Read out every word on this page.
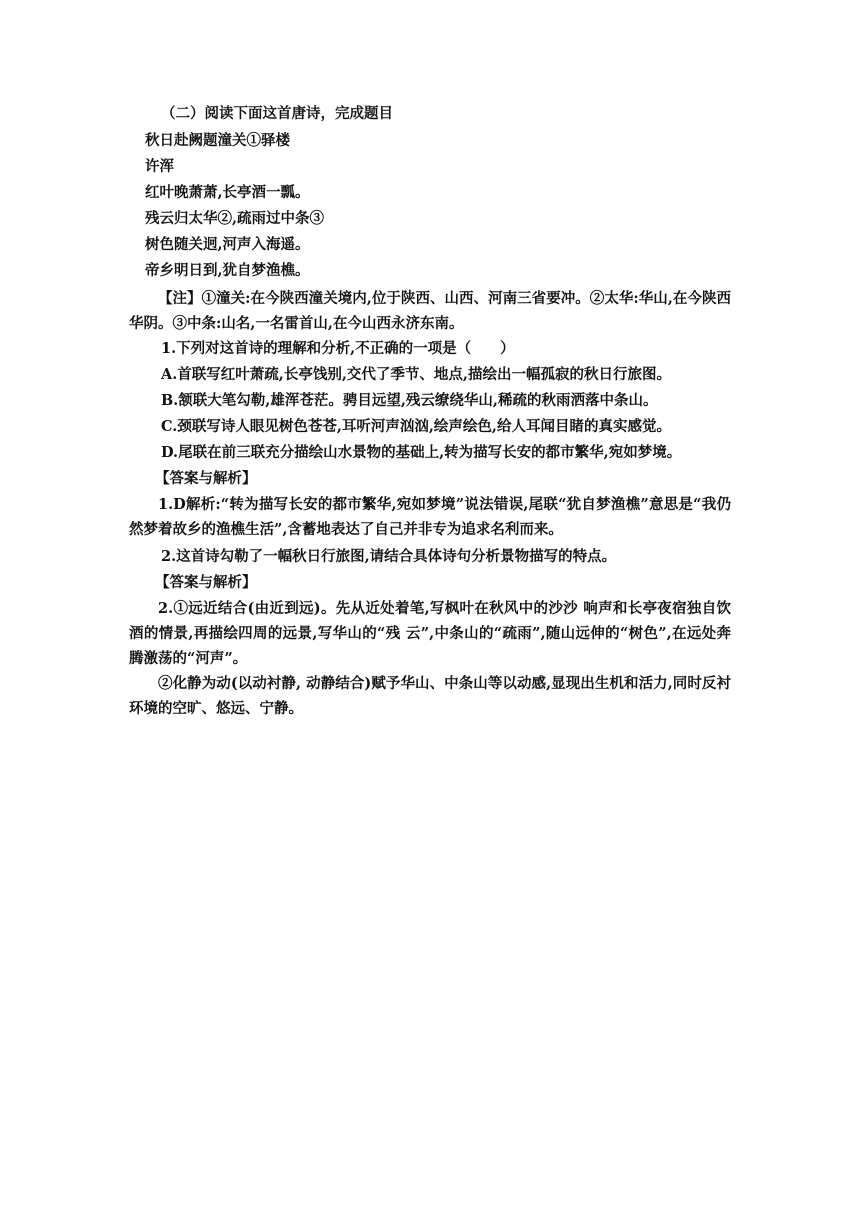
（二）阅读下面这首唐诗，完成题目
秋日赴阙题潼关①驿楼
许浑
红叶晚萧萧,长亭酒一瓢。
残云归太华②,疏雨过中条③
树色随关迥,河声入海遥。
帝乡明日到,犹自梦渔樵。

【注】①潼关:在今陕西潼关境内,位于陕西、山西、河南三省要冲。②太华:华山,在今陕西华阴。③中条:山名,一名雷首山,在今山西永济东南。

1.下列对这首诗的理解和分析,不正确的一项是（　　）
A.首联写红叶萧疏,长亭饯别,交代了季节、地点,描绘出一幅孤寂的秋日行旅图。
B.颔联大笔勾勒,雄浑苍茫。骋目远望,残云缭绕华山,稀疏的秋雨洒落中条山。
C.颈联写诗人眼见树色苍苍,耳听河声汹汹,绘声绘色,给人耳闻目睹的真实感觉。
D.尾联在前三联充分描绘山水景物的基础上,转为描写长安的都市繁华,宛如梦境。
【答案与解析】

1.D解析:“转为描写长安的都市繁华,宛如梦境”说法错误,尾联“犹自梦渔樵”意思是“我仍然梦着故乡的渔樵生活”,含蓄地表达了自己并非专为追求名利而来。

2.这首诗勾勒了一幅秋日行旅图,请结合具体诗句分析景物描写的特点。
【答案与解析】

2.①远近结合(由近到远)。先从近处着笔,写枫叶在秋风中的沙沙 响声和长亭夜宿独自饮酒的情景,再描绘四周的远景,写华山的“残 云”,中条山的“疏雨”,随山远伸的“树色”,在远处奔腾激荡的“河声”。

②化静为动(以动衬静, 动静结合)赋予华山、中条山等以动感,显现出生机和活力,同时反衬环境的空旷、悠远、宁静。
